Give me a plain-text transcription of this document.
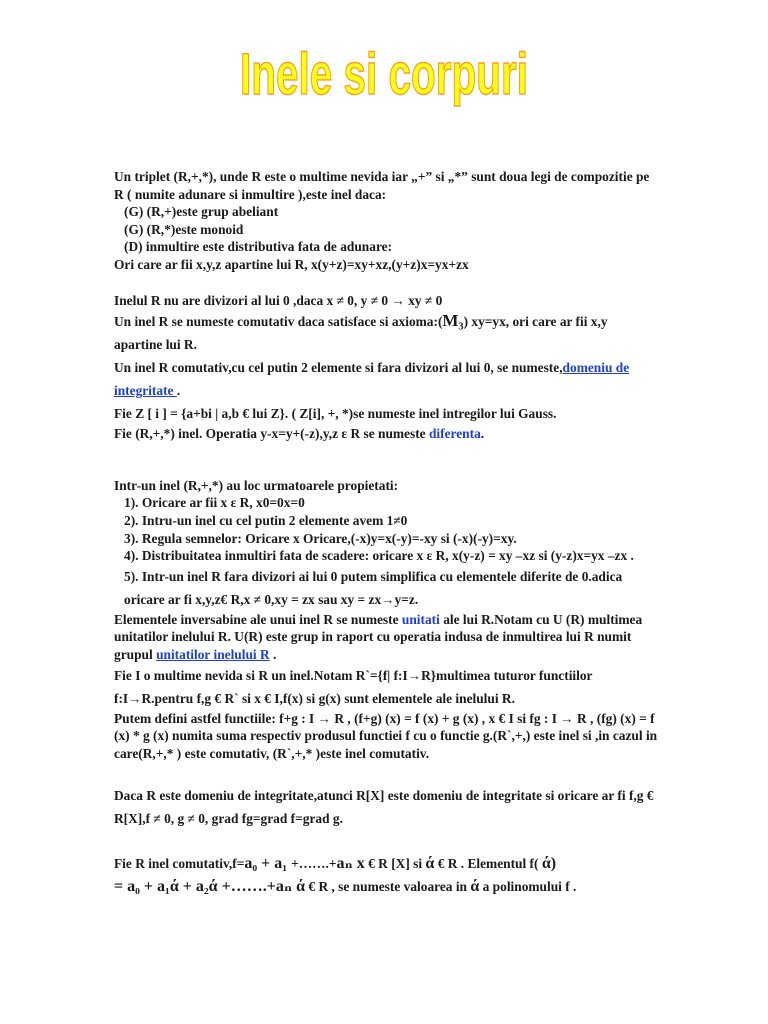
Inele si corpuri

Un triplet (R,+,*), unde R este o multime nevida iar „+” si „*” sunt doua legi de compozitie pe R ( numite adunare si inmultire ),este inel daca:

(G) (R,+)este grup abeliant

(G) (R,*)este monoid

(D) inmultire este distributiva fata de adunare:

Ori care ar fii x,y,z apartine lui R, x(y+z)=xy+xz,(y+z)x=yx+zx

Inelul R nu are divizori al lui 0 ,daca x ≠ 0, y ≠ 0 → xy ≠ 0

Un inel R se numeste comutativ daca satisface si axioma:(M₃) xy=yx, ori care ar fii x,y apartine lui R.

Un inel R comutativ,cu cel putin 2 elemente si fara divizori al lui 0, se numeste,domeniu de integritate .

Fie Z [ i ] = {a+bi | a,b € lui Z}. ( Z[i], +, *)se numeste inel intregilor lui Gauss.

Fie (R,+,*) inel. Operatia y-x=y+(-z),y,z ε R se numeste diferenta.

Intr-un inel (R,+,*) au loc urmatoarele propietati:

1). Oricare ar fii x ε R, x0=0x=0

2). Intru-un inel cu cel putin 2 elemente avem 1≠0

3). Regula semnelor: Oricare x Oricare,(-x)y=x(-y)=-xy si (-x)(-y)=xy.

4). Distribuitatea inmultiri fata de scadere: oricare x ε R, x(y-z) = xy –xz si (y-z)x=yx –zx .

5). Intr-un inel R fara divizori ai lui 0 putem simplifica cu elementele diferite de 0.adica oricare ar fi x,y,z€ R,x ≠ 0,xy = zx sau xy = zx→y=z.

Elementele inversabine ale unui inel R se numeste unitati ale lui R.Notam cu U (R) multimea unitatilor inelului R. U(R) este grup in raport cu operatia indusa de inmultirea lui R numit grupul unitatilor inelului R .

Fie I o multime nevida si R un inel.Notam R`={f| f:I→R}multimea tuturor functiilor f:I→R.pentru f,g € R` si x € I,f(x) si g(x) sunt elementele ale inelului R.

Putem defini astfel functiile: f+g : I → R , (f+g) (x) = f (x) + g (x) , x € I si fg : I → R , (fg) (x) = f (x) * g (x) numita suma respectiv produsul functiei f cu o functie g.(R`,+,) este inel si ,in cazul in care(R,+,* ) este comutativ, (R`,+,* )este inel comutativ.

Daca R este domeniu de integritate,atunci R[X] este domeniu de integritate si oricare ar fi f,g € R[X],f ≠ 0, g ≠ 0, grad fg=grad f=grad g.

Fie R inel comutativ,f=a₀ + a₁ +…….+aₙ x € R [X] si ά € R . Elementul f( ά)

= a₀ + a₁ά + a₂ά +…….+aₙ ά € R , se numeste valoarea in ά a polinomului f .
